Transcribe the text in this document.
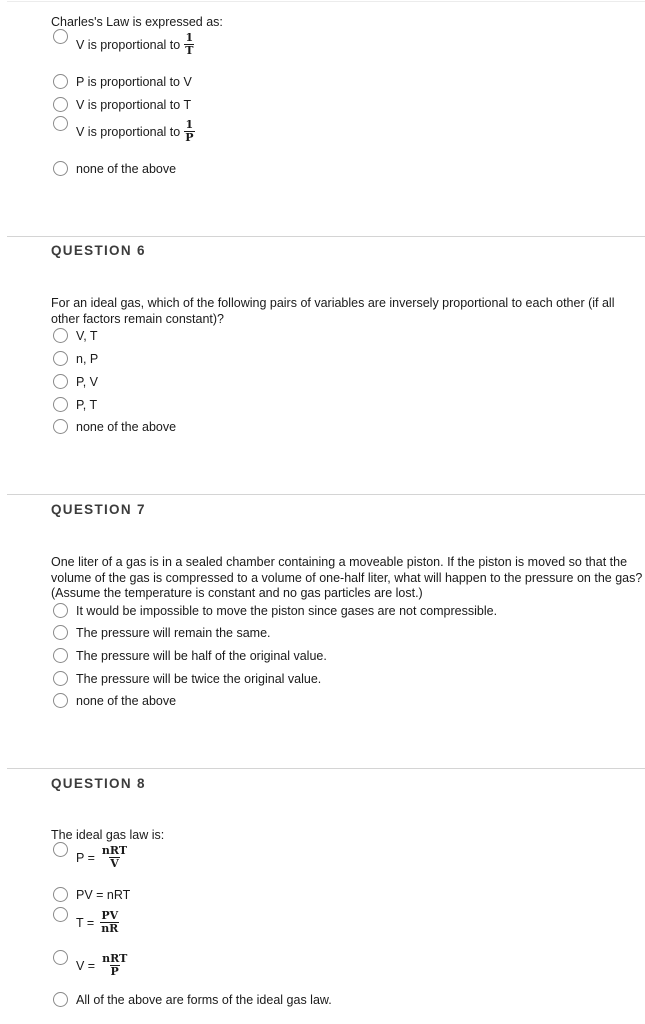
Charles's Law is expressed as:
V is proportional to $\frac{1}{T}$
P is proportional to V
V is proportional to T
V is proportional to $\frac{1}{P}$
none of the above
QUESTION 6
For an ideal gas, which of the following pairs of variables are inversely proportional to each other (if all other factors remain constant)?
V, T
n, P
P, V
P, T
none of the above
QUESTION 7
One liter of a gas is in a sealed chamber containing a moveable piston. If the piston is moved so that the volume of the gas is compressed to a volume of one-half liter, what will happen to the pressure on the gas? (Assume the temperature is constant and no gas particles are lost.)
It would be impossible to move the piston since gases are not compressible.
The pressure will remain the same.
The pressure will be half of the original value.
The pressure will be twice the original value.
none of the above
QUESTION 8
The ideal gas law is:
$P = \frac{\text{nRT}}{V}$
PV = nRT
$T = \frac{PV}{nR}$
$V = \frac{\text{nRT}}{P}$
All of the above are forms of the ideal gas law.
